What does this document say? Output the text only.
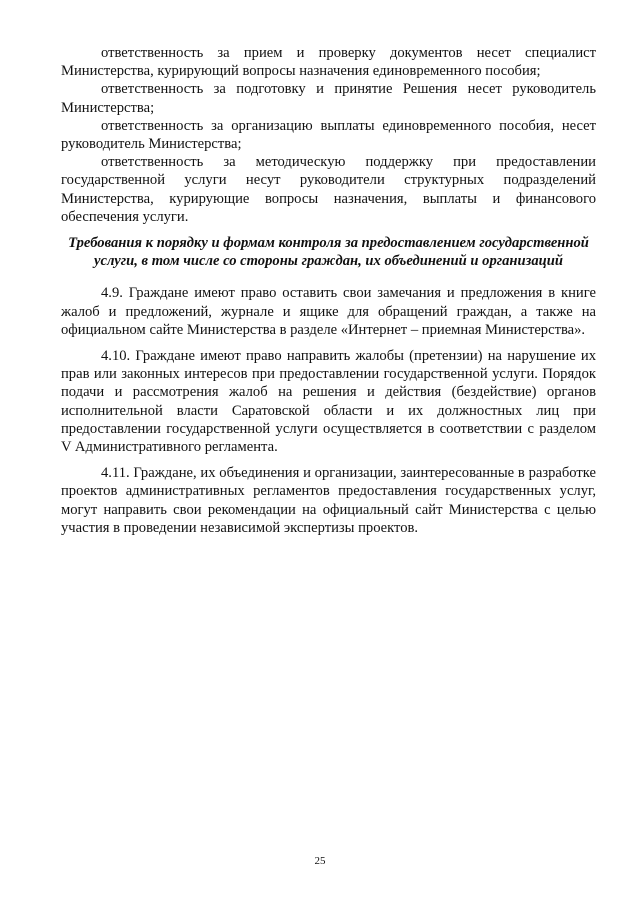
ответственность за прием и проверку документов несет специалист Министерства, курирующий вопросы назначения единовременного пособия;

ответственность за подготовку и принятие Решения несет руководитель Министерства;

ответственность за организацию выплаты единовременного пособия, несет руководитель Министерства;

ответственность за методическую поддержку при предоставлении государственной услуги несут руководители структурных подразделений Министерства, курирующие вопросы назначения, выплаты и финансового обеспечения услуги.

Требования к порядку и формам контроля за предоставлением государственной услуги, в том числе со стороны граждан, их объединений и организаций

4.9. Граждане имеют право оставить свои замечания и предложения в книге жалоб и предложений, журнале и ящике для обращений граждан, а также на официальном сайте Министерства в разделе «Интернет – приемная Министерства».

4.10. Граждане имеют право направить жалобы (претензии) на нарушение их прав или законных интересов при предоставлении государственной услуги. Порядок подачи и рассмотрения жалоб на решения и действия (бездействие) органов исполнительной власти Саратовской области и их должностных лиц при предоставлении государственной услуги осуществляется в соответствии с разделом V Административного регламента.

4.11. Граждане, их объединения и организации, заинтересованные в разработке проектов административных регламентов предоставления государственных услуг, могут направить свои рекомендации на официальный сайт Министерства с целью участия в проведении независимой экспертизы проектов.

25
